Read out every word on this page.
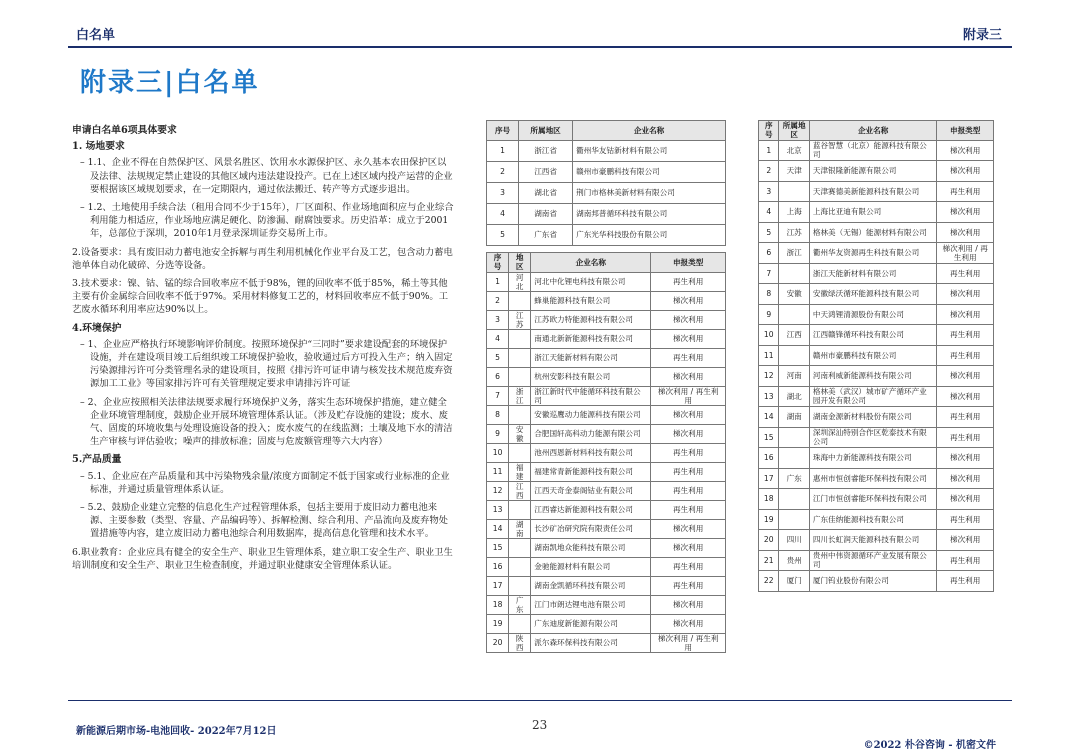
白名单	附录三
附录三|白名单
申请白名单6项具体要求
1. 场地要求

– 1.1、企业不得在自然保护区、风景名胜区、饮用水水源保护区、永久基本农田保护区以及法律、法规规定禁止建设的其他区域内违法建设投产。已在上述区域内投产运营的企业要根据该区域规划要求，在一定期限内，通过依法搬迁、转产等方式逐步退出。

– 1.2、土地使用手续合法（租用合同不少于15年），厂区面积、作业场地面积应与企业综合利用能力相适应，作业场地应满足硬化、防渗漏、耐腐蚀要求。历史沿革：成立于2001年，总部位于深圳，2010年1月登录深圳证券交易所上市。

2.设备要求：具有废旧动力蓄电池安全拆解与再生利用机械化作业平台及工艺，包含动力蓄电池单体自动化破碎、分选等设备。

3.技术要求：镍、钴、锰的综合回收率应不低于98%，锂的回收率不低于85%，稀土等其他主要有价金属综合回收率不低于97%。采用材料修复工艺的，材料回收率应不低于90%。工艺废水循环利用率应达90%以上。

4.环境保护

– 1、企业应严格执行环境影响评价制度。按照环境保护“三同时”要求建设配套的环境保护设施，并在建设项目竣工后组织竣工环境保护验收，验收通过后方可投入生产；纳入固定污染源排污许可分类管理名录的建设项目，按照《排污许可证申请与核发技术规范废弃资源加工工业》等国家排污许可有关管理规定要求申请排污许可证

– 2、企业应按照相关法律法规要求履行环境保护义务，落实生态环境保护措施，建立健全企业环境管理制度，鼓励企业开展环境管理体系认证。（涉及贮存设施的建设；废水、废气、固废的环境收集与处理设施设备的投入；废水废气的在线监测；土壤及地下水的清洁生产审核与评估验收；噪声的排放标准；固废与危废额管理等六大内容）

5.产品质量

– 5.1、企业应在产品质量和其中污染物残余量/浓度方面制定不低于国家或行业标准的企业标准，并通过质量管理体系认证。

– 5.2、鼓励企业建立完整的信息化生产过程管理体系，包括主要用于废旧动力蓄电池来源、主要参数（类型、容量、产品编码等）、拆解检测、综合利用、产品流向及废弃物处置措施等内容，建立废旧动力蓄电池综合利用数据库，提高信息化管理和技术水平。

6.职业教育：企业应具有健全的安全生产、职业卫生管理体系，建立职工安全生产、职业卫生培训制度和安全生产、职业卫生检查制度，并通过职业健康安全管理体系认证。

序号	所属地区	企业名称
1	浙江省	衢州华友钴新材料有限公司
2	江西省	赣州市豪鹏科技有限公司
3	湖北省	荆门市格林美新材料有限公司
4	湖南省	湖南邦普循环科技有限公司
5	广东省	广东光华科技股份有限公司
序号	地区	企业名称	申报类型
1	河北	河北中化锂电科技有限公司	再生利用
2		蜂巢能源科技有限公司	梯次利用
3	江苏	江苏欧力特能源科技有限公司	梯次利用
4		南通北新新能源科技有限公司	梯次利用
5		浙江天能新材料有限公司	再生利用
6		杭州安影科技有限公司	梯次利用
7	浙江	浙江新时代中能循环科技有限公司	梯次利用 / 再生利用
8		安徽巡鹰动力能源科技有限公司	梯次利用
9	安徽	合肥国轩高科动力能源有限公司	梯次利用
10		池州西恩新材料科技有限公司	再生利用
11	福建	福建常青新能源科技有限公司	再生利用
12	江西	江西天奇金泰阁钴业有限公司	再生利用
13		江西睿达新能源科技有限公司	再生利用
14	湖南	长沙矿冶研究院有限责任公司	梯次利用
15		湖南凯地众能科技有限公司	梯次利用
16		金驰能源材料有限公司	再生利用
17		湖南金凯循环科技有限公司	再生利用
18	广东	江门市朗达锂电池有限公司	梯次利用
19		广东迪度新能源有限公司	梯次利用
20	陕西	派尔森环保科技有限公司	梯次利用 / 再生利用
序号	所属地区	企业名称	申报类型
1	北京	蓝谷智慧（北京）能源科技有限公司	梯次利用
2	天津	天津银隆新能源有限公司	梯次利用
3		天津赛德美新能源科技有限公司	再生利用
4	上海	上海比亚迪有限公司	梯次利用
5	江苏	格林美（无锡）能源材料有限公司	梯次利用
6	浙江	衢州华友资源再生科技有限公司	梯次利用 / 再生利用
7		浙江天能新材料有限公司	再生利用
8	安徽	安徽绿沃循环能源科技有限公司	梯次利用
9		中天鸿锂清源股份有限公司	梯次利用
10	江西	江西赣锋循环科技有限公司	再生利用
11		赣州市豪鹏科技有限公司	再生利用
12	河南	河南利威新能源科技有限公司	梯次利用
13	湖北	格林美（武汉）城市矿产循环产业园开发有限公司	梯次利用
14	湖南	湖南金源新材料股份有限公司	再生利用
15		深圳深汕特别合作区乾泰技术有限公司	再生利用
16		珠海中力新能源科技有限公司	梯次利用
17	广东	惠州市恒创睿能环保科技有限公司	梯次利用
18		江门市恒创睿能环保科技有限公司	梯次利用
19		广东佳纳能源科技有限公司	再生利用
20	四川	四川长虹润天能源科技有限公司	梯次利用
21	贵州	贵州中伟资源循环产业发展有限公司	再生利用
22	厦门	厦门钨业股份有限公司	再生利用
新能源后期市场-电池回收- 2022年7月12日	23
©2022 朴谷咨询 - 机密文件
